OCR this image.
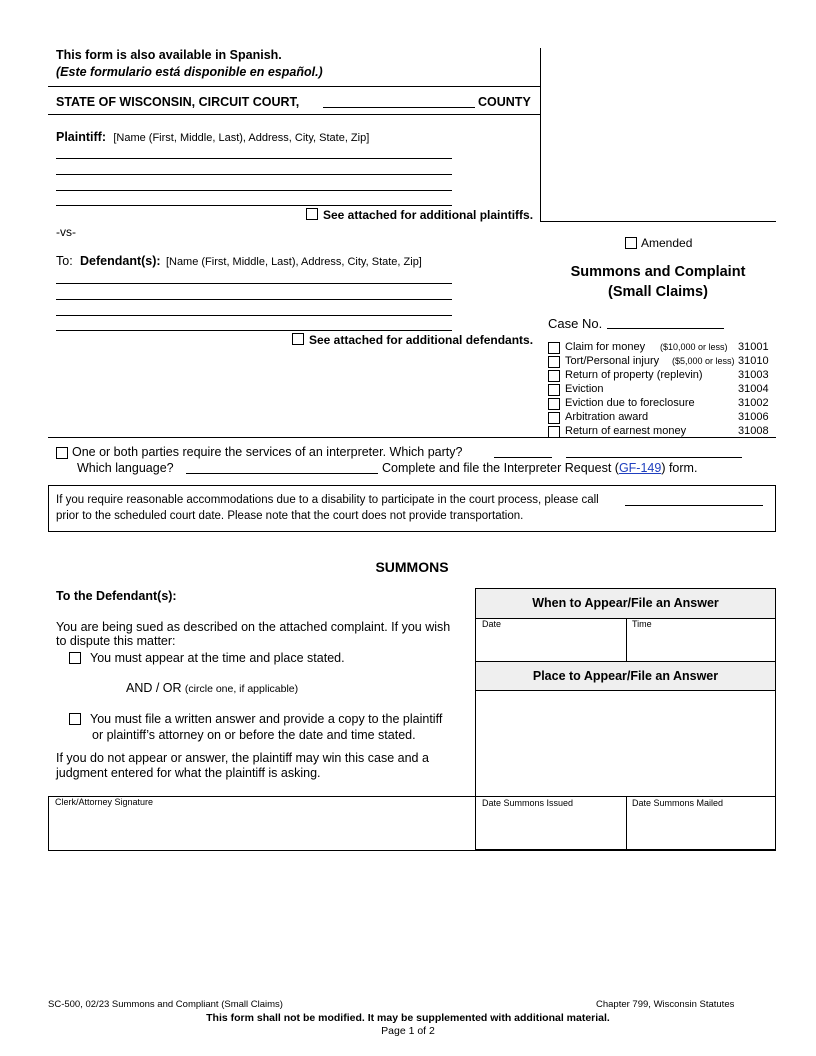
This form is also available in Spanish.
(Este formulario está disponible en español.)
STATE OF WISCONSIN, CIRCUIT COURT,	COUNTY
Plaintiff: [Name (First, Middle, Last), Address, City, State, Zip]
See attached for additional plaintiffs.
-vs-
To: Defendant(s): [Name (First, Middle, Last), Address, City, State, Zip]
See attached for additional defendants.
Amended
Summons and Complaint
(Small Claims)
Case No.
Claim for money ($10,000 or less) 31001
Tort/Personal injury ($5,000 or less) 31010
Return of property (replevin)	31003
Eviction	31004
Eviction due to foreclosure	31002
Arbitration award	31006
Return of earnest money	31008
One or both parties require the services of an interpreter. Which party?
Which language?	Complete and file the Interpreter Request (GF-149) form.
If you require reasonable accommodations due to a disability to participate in the court process, please call
prior to the scheduled court date. Please note that the court does not provide transportation.
SUMMONS
To the Defendant(s):
You are being sued as described on the attached complaint. If you wish to dispute this matter:
You must appear at the time and place stated.
AND / OR (circle one, if applicable)
You must file a written answer and provide a copy to the plaintiff
or plaintiff’s attorney on or before the date and time stated.
If you do not appear or answer, the plaintiff may win this case and a judgment entered for what the plaintiff is asking.
When to Appear/File an Answer
Date	Time
Place to Appear/File an Answer
Clerk/Attorney Signature	Date Summons Issued	Date Summons Mailed
SC-500, 02/23 Summons and Compliant (Small Claims)	Chapter 799, Wisconsin Statutes
This form shall not be modified. It may be supplemented with additional material.
Page 1 of 2
